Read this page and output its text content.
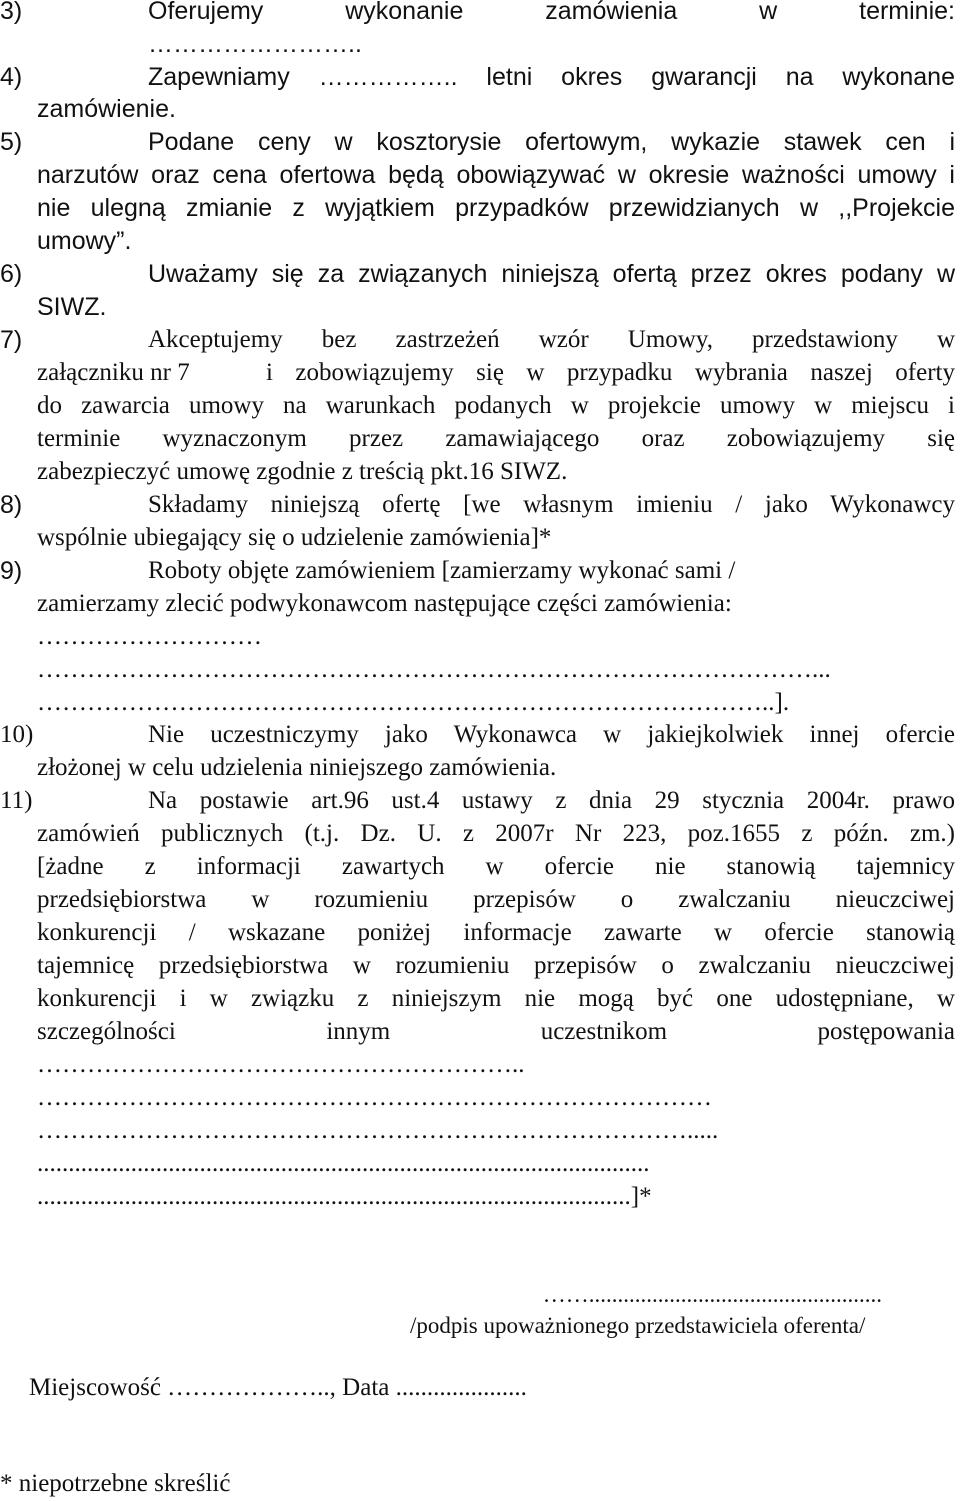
3)	Oferujemy wykonanie zamówienia w terminie:
……………………..
4)	Zapewniamy …………….. letni okres gwarancji na wykonane
zamówienie.
5)	Podane ceny w kosztorysie ofertowym, wykazie stawek cen i
narzutów oraz cena ofertowa będą obowiązywać w okresie ważności umowy i
nie ulegną zmianie z wyjątkiem przypadków przewidzianych w ,,Projekcie
umowy”.
6)	Uważamy się za związanych niniejszą ofertą przez okres podany w
SIWZ.
7)	Akceptujemy bez zastrzeżeń wzór Umowy, przedstawiony w
załączniku nr 7	i zobowiązujemy się w przypadku wybrania naszej oferty
do zawarcia umowy na warunkach podanych w projekcie umowy w miejscu i
terminie wyznaczonym przez zamawiającego oraz zobowiązujemy się
zabezpieczyć umowę zgodnie z treścią pkt.16 SIWZ.
8)	Składamy niniejszą ofertę [we własnym imieniu / jako Wykonawcy
wspólnie ubiegający się o udzielenie zamówienia]*
9)	Roboty objęte zamówieniem [zamierzamy wykonać sami /
zamierzamy zlecić podwykonawcom następujące części zamówienia:
………………………
…………………………………………………………………………………...
……………………………………………………………………………..].
10)	Nie uczestniczymy jako Wykonawca w jakiejkolwiek innej ofercie
złożonej w celu udzielenia niniejszego zamówienia.
11)	Na postawie art.96 ust.4 ustawy z dnia 29 stycznia 2004r. prawo
zamówień publicznych (t.j. Dz. U. z 2007r Nr 223, poz.1655 z późn. zm.)
[żadne z informacji zawartych w ofercie nie stanowią tajemnicy
przedsiębiorstwa w rozumieniu przepisów o zwalczaniu nieuczciwej
konkurencji / wskazane poniżej informacje zawarte w ofercie stanowią
tajemnicę przedsiębiorstwa w rozumieniu przepisów o zwalczaniu nieuczciwej
konkurencji i w związku z niniejszym nie mogą być one udostępniane, w
szczególności innym uczestnikom postępowania
…………………………………………………..
………………………………………………………………………
…………………………………………………………………….....
..................................................................................................
...............................................................................................]*
……...................................................
/podpis upoważnionego przedstawiciela oferenta/
Miejscowość ……………….., Data .....................
* niepotrzebne skreślić
